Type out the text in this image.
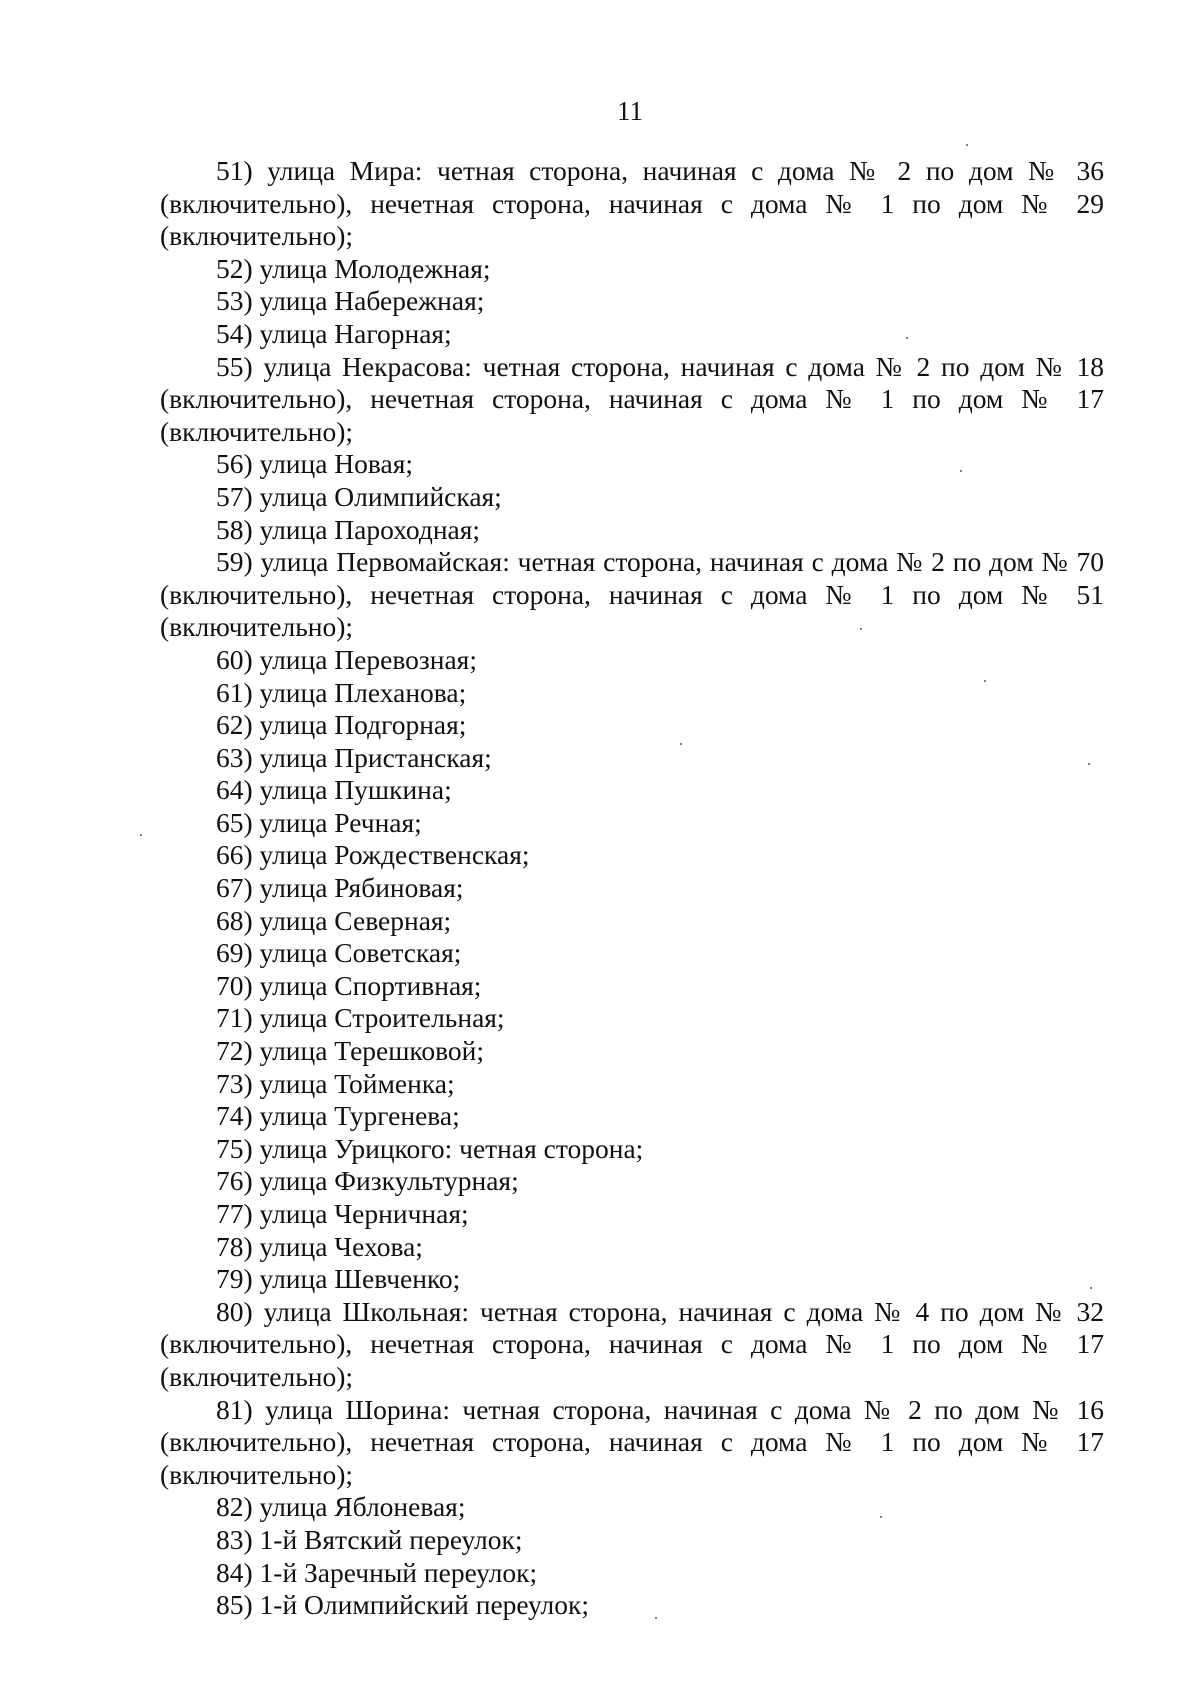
11

51) улица Мира: четная сторона, начиная с дома № 2 по дом № 36 (включительно), нечетная сторона, начиная с дома № 1 по дом № 29 (включительно);

52) улица Молодежная;

53) улица Набережная;

54) улица Нагорная;

55) улица Некрасова: четная сторона, начиная с дома № 2 по дом № 18 (включительно), нечетная сторона, начиная с дома № 1 по дом № 17 (включительно);

56) улица Новая;

57) улица Олимпийская;

58) улица Пароходная;

59) улица Первомайская: четная сторона, начиная с дома № 2 по дом № 70 (включительно), нечетная сторона, начиная с дома № 1 по дом № 51 (включительно);

60) улица Перевозная;

61) улица Плеханова;

62) улица Подгорная;

63) улица Пристанская;

64) улица Пушкина;

65) улица Речная;

66) улица Рождественская;

67) улица Рябиновая;

68) улица Северная;

69) улица Советская;

70) улица Спортивная;

71) улица Строительная;

72) улица Терешковой;

73) улица Тойменка;

74) улица Тургенева;

75) улица Урицкого: четная сторона;

76) улица Физкультурная;

77) улица Черничная;

78) улица Чехова;

79) улица Шевченко;

80) улица Школьная: четная сторона, начиная с дома № 4 по дом № 32 (включительно), нечетная сторона, начиная с дома № 1 по дом № 17 (включительно);

81) улица Шорина: четная сторона, начиная с дома № 2 по дом № 16 (включительно), нечетная сторона, начиная с дома № 1 по дом № 17 (включительно);

82) улица Яблоневая;

83) 1-й Вятский переулок;

84) 1-й Заречный переулок;

85) 1-й Олимпийский переулок;
